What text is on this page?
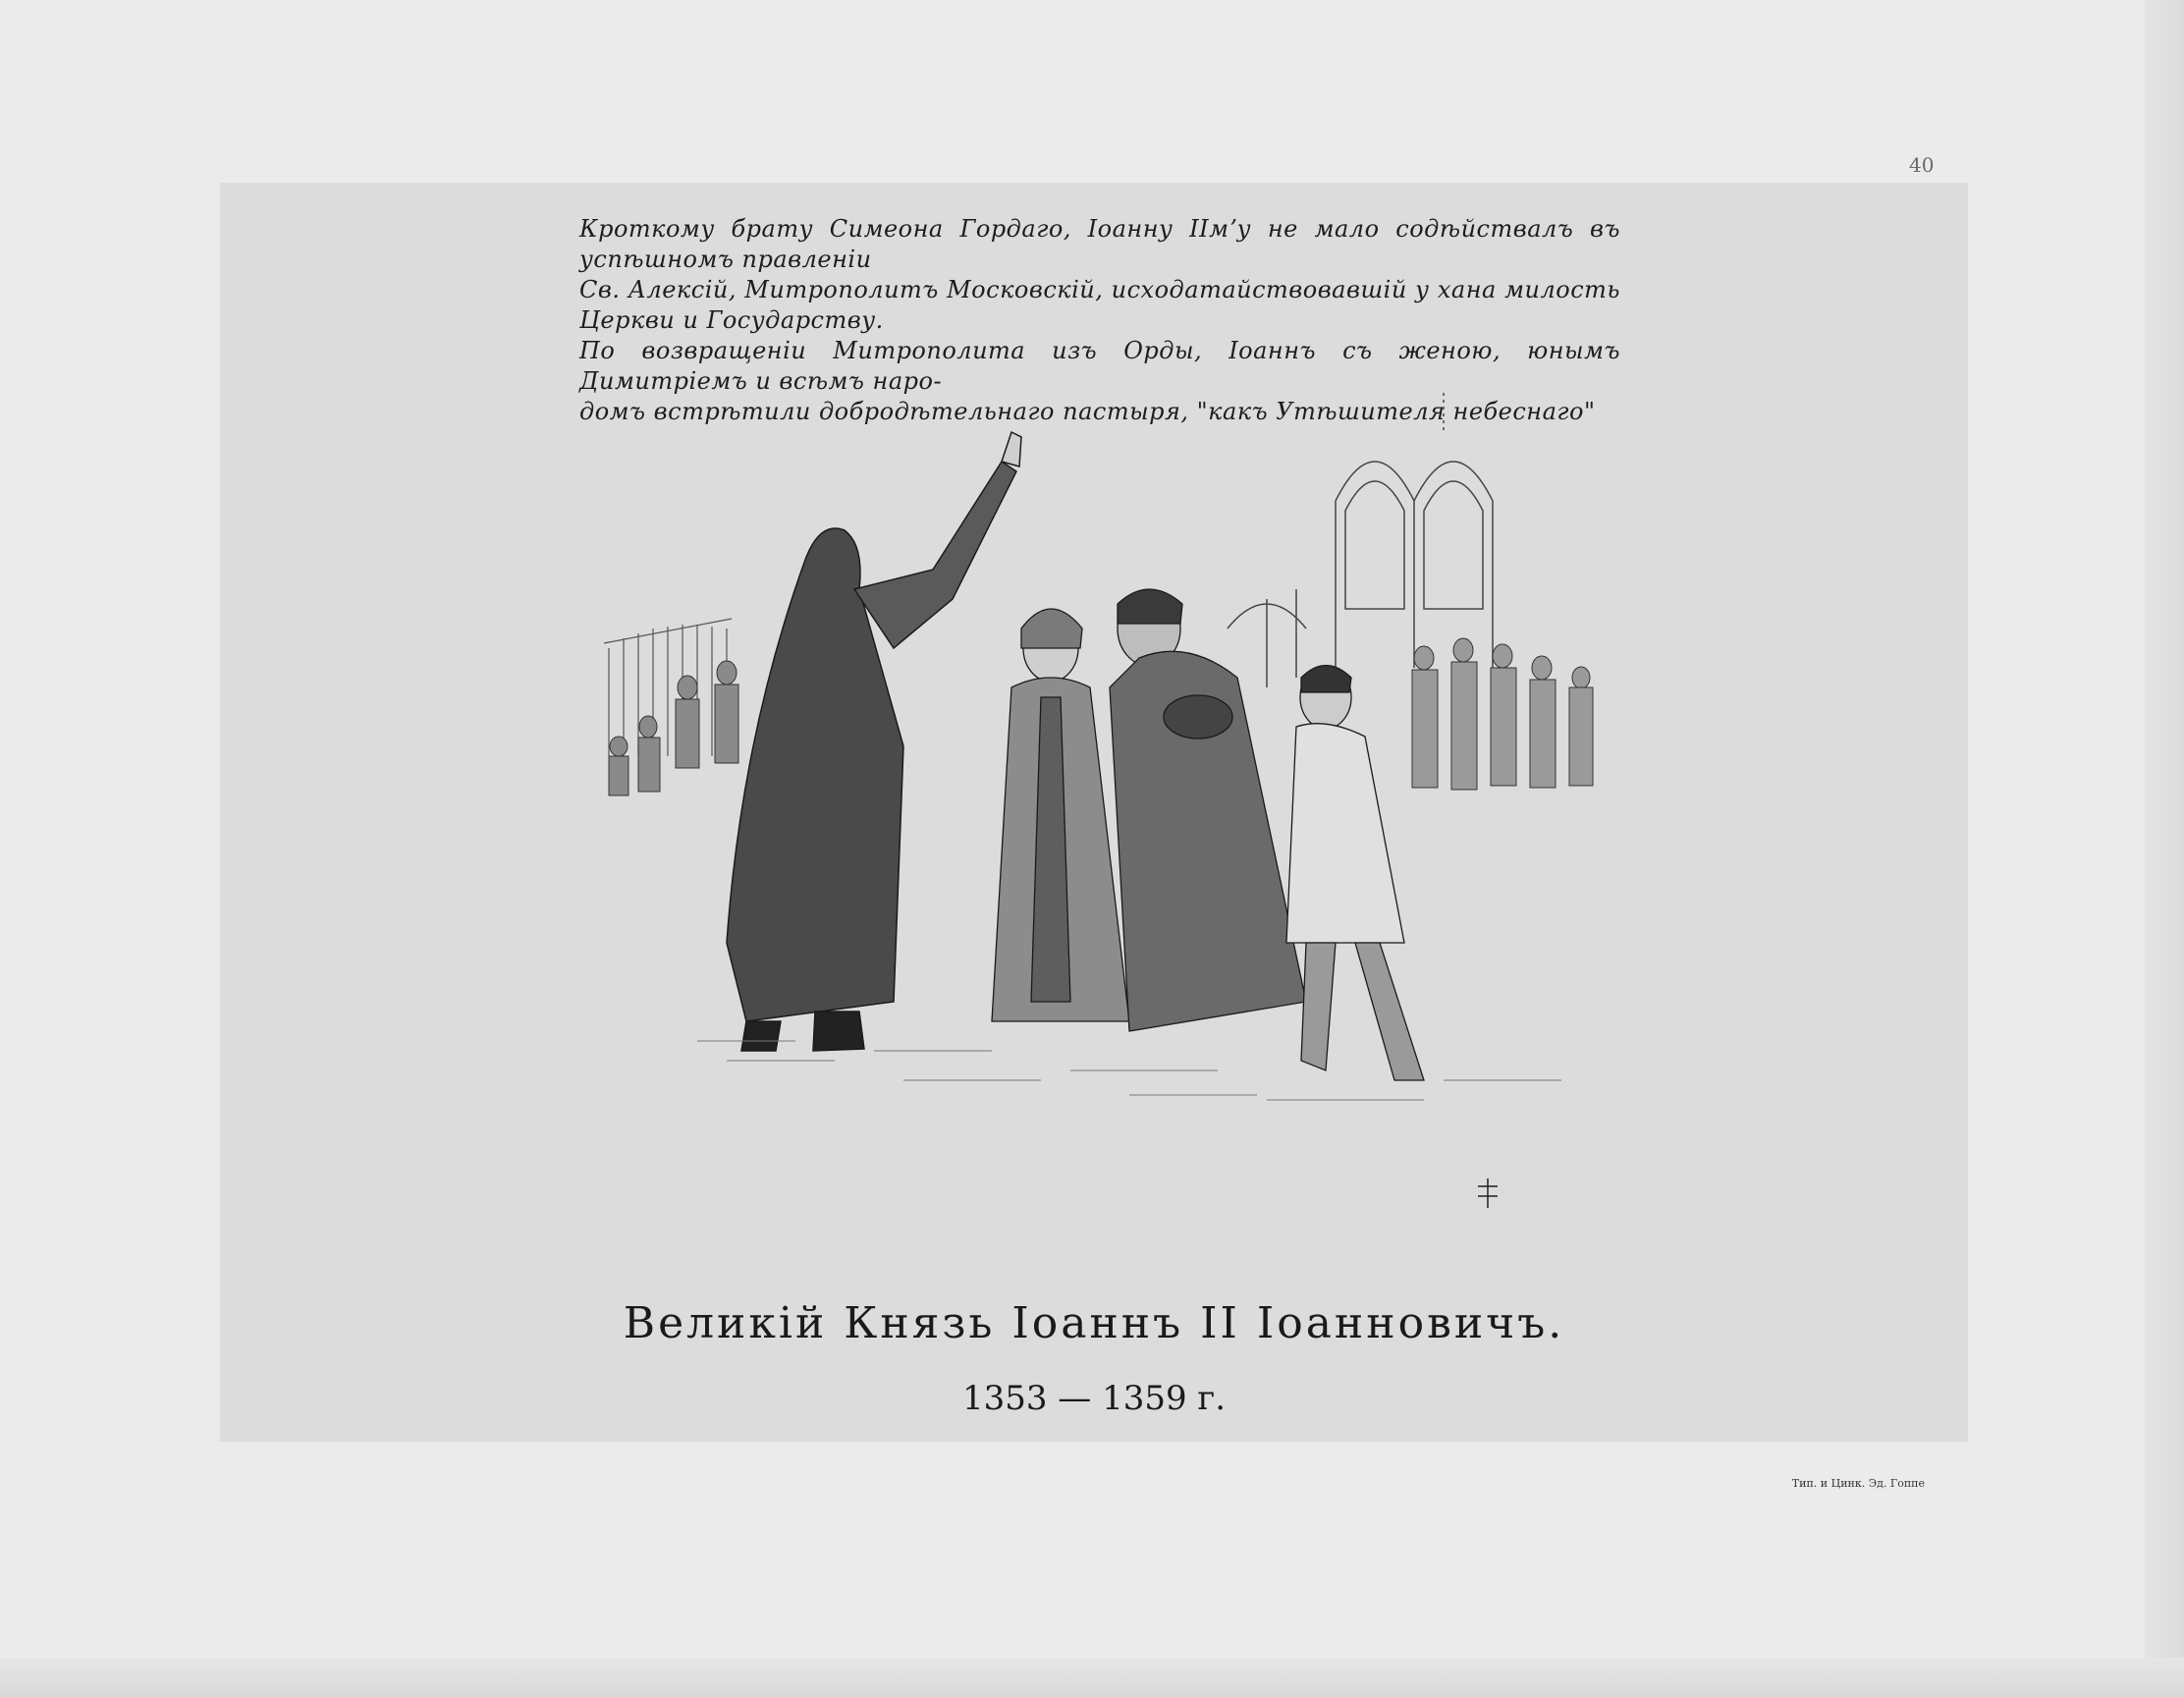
40
Кроткому брату Симеона Гордаго, Іоанну IIмʼу не мало содѣйствалъ въ успѣшномъ правленіи
Св. Алексій, Митрополитъ Московскій, исходатайствовавшій у хана милость Церкви и Государству.
По возвращеніи Митрополита изъ Орды, Іоаннъ съ женою, юнымъ Димитріемъ и всѣмъ наро-
домъ встрѣтили добродѣтельнаго пастыря, "какъ Утѣшителя небеснаго"
Великій Князь Іоаннъ II Іоанновичъ.
1353 — 1359 г.
Тип. и Цинк. Эд. Гоппе
